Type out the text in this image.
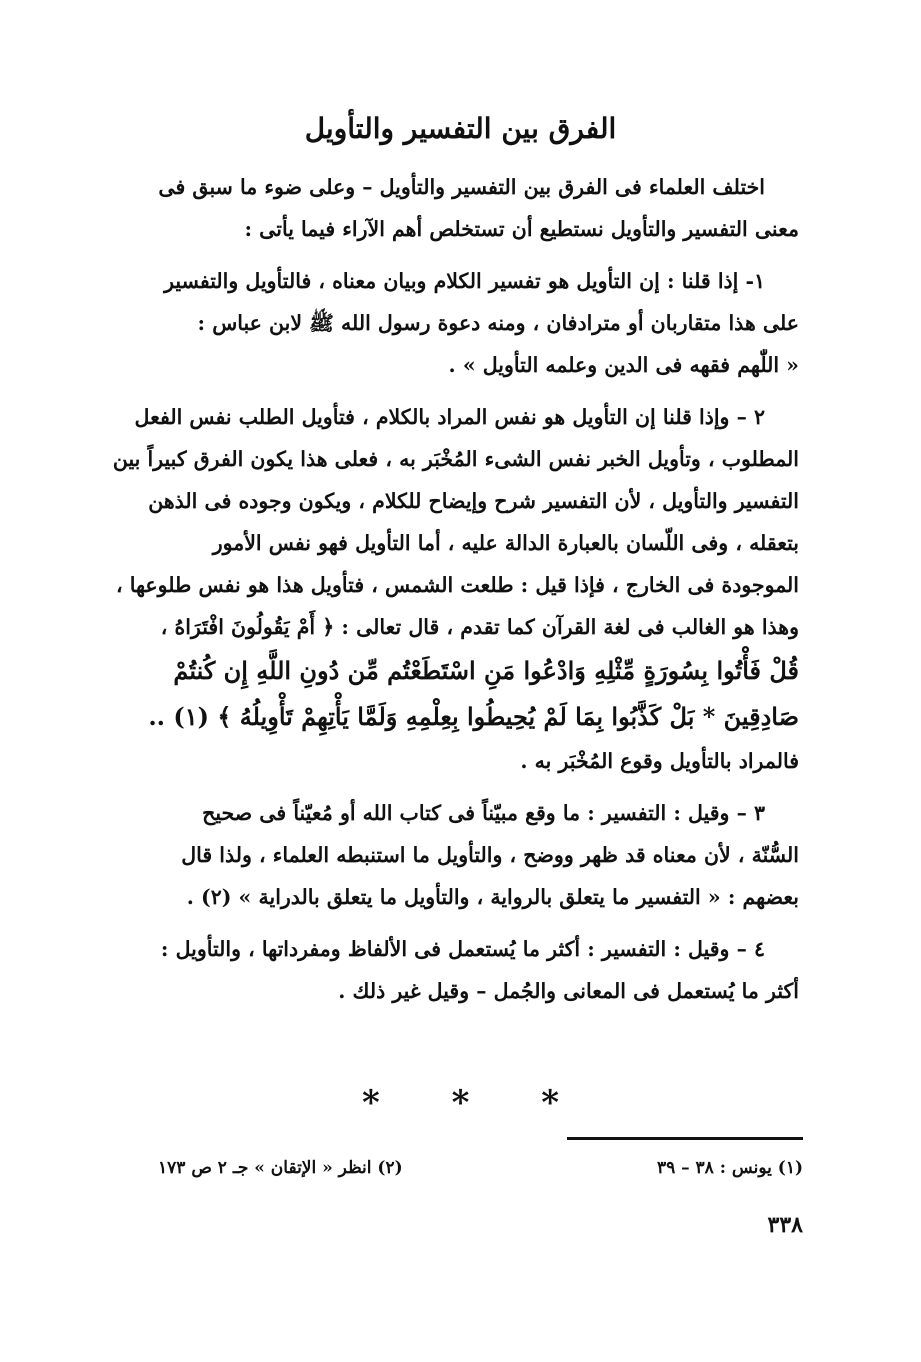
الفرق بين التفسير والتأويل

اختلف العلماء فى الفرق بين التفسير والتأويل – وعلى ضوء ما سبق فى

معنى التفسير والتأويل نستطيع أن تستخلص أهم الآراء فيما يأتى :

١- إذا قلنا : إن التأويل هو تفسير الكلام وبيان معناه ، فالتأويل والتفسير

على هذا متقاربان أو مترادفان ، ومنه دعوة رسول الله ﷺ لابن عباس :

« اللّٰهم فقهه فى الدين وعلمه التأويل » .

٢ – وإذا قلنا إن التأويل هو نفس المراد بالكلام ، فتأويل الطلب نفس الفعل

المطلوب ، وتأويل الخبر نفس الشىء المُخْبَر به ، فعلى هذا يكون الفرق كبيراً بين

التفسير والتأويل ، لأن التفسير شرح وإيضاح للكلام ، ويكون وجوده فى الذهن

بتعقله ، وفى اللّسان بالعبارة الدالة عليه ، أما التأويل فهو نفس الأمور

الموجودة فى الخارج ، فإذا قيل : طلعت الشمس ، فتأويل هذا هو نفس طلوعها ،

وهذا هو الغالب فى لغة القرآن كما تقدم ، قال تعالى : ﴿ أَمْ يَقُولُونَ افْتَرَاهُ ،

قُلْ فَأْتُوا بِسُورَةٍ مِّثْلِهِ وَادْعُوا مَنِ اسْتَطَعْتُم مِّن دُونِ اللَّهِ إِن كُنتُمْ

صَادِقِينَ * بَلْ كَذَّبُوا بِمَا لَمْ يُحِيطُوا بِعِلْمِهِ وَلَمَّا يَأْتِهِمْ تَأْوِيلُهُ ﴾ (١) ..

فالمراد بالتأويل وقوع المُخْبَر به .

٣ – وقيل : التفسير : ما وقع مبيّناً فى كتاب الله أو مُعيّناً فى صحيح

السُّنّة ، لأن معناه قد ظهر ووضح ، والتأويل ما استنبطه العلماء ، ولذا قال

بعضهم : « التفسير ما يتعلق بالرواية ، والتأويل ما يتعلق بالدراية » (٢) .

٤ – وقيل : التفسير : أكثر ما يُستعمل فى الألفاظ ومفرداتها ، والتأويل :

أكثر ما يُستعمل فى المعانى والجُمل – وقيل غير ذلك .

* * *
(١) يونس : ٣٨ – ٣٩
(٢) انظر « الإتقان » جـ ٢ ص ١٧٣
٣٣٨
